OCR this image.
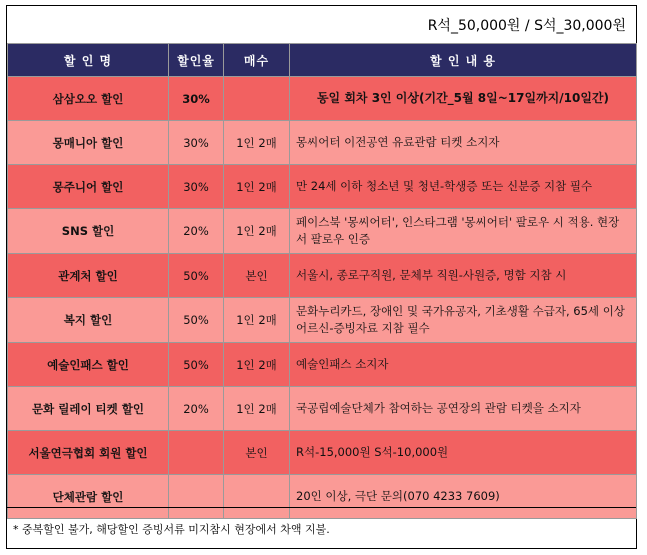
R석_50,000원 / S석_30,000원
할 인 명	할인율	매수	할 인 내 용
삼삼오오 할인	30%		동일 회차 3인 이상(기간_5월 8일~17일까지/10일간)
몽매니아 할인	30%	1인 2매	몽씨어터 이전공연 유료관람 티켓 소지자
몽주니어 할인	30%	1인 2매	만 24세 이하 청소년 및 청년-학생증 또는 신분증 지참 필수
SNS 할인	20%	1인 2매	페이스북 '몽씨어터', 인스타그램 '몽씨어터' 팔로우 시 적용. 현장서 팔로우 인증
관계처 할인	50%	본인	서울시, 종로구직원, 문체부 직원-사원증, 명함 지참 시
복지 할인	50%	1인 2매	문화누리카드, 장애인 및 국가유공자, 기초생활 수급자, 65세 이상 어르신-증빙자료 지참 필수
예술인패스 할인	50%	1인 2매	예술인패스 소지자
문화 릴레이 티켓 할인	20%	1인 2매	국공립예술단체가 참여하는 공연장의 관람 티켓을 소지자
서울연극협회 회원 할인		본인	R석-15,000원 S석-10,000원
단체관람 할인			20인 이상, 극단 문의(070 4233 7609)
* 중복할인 불가, 해당할인 증빙서류 미지참시 현장에서 차액 지불.
